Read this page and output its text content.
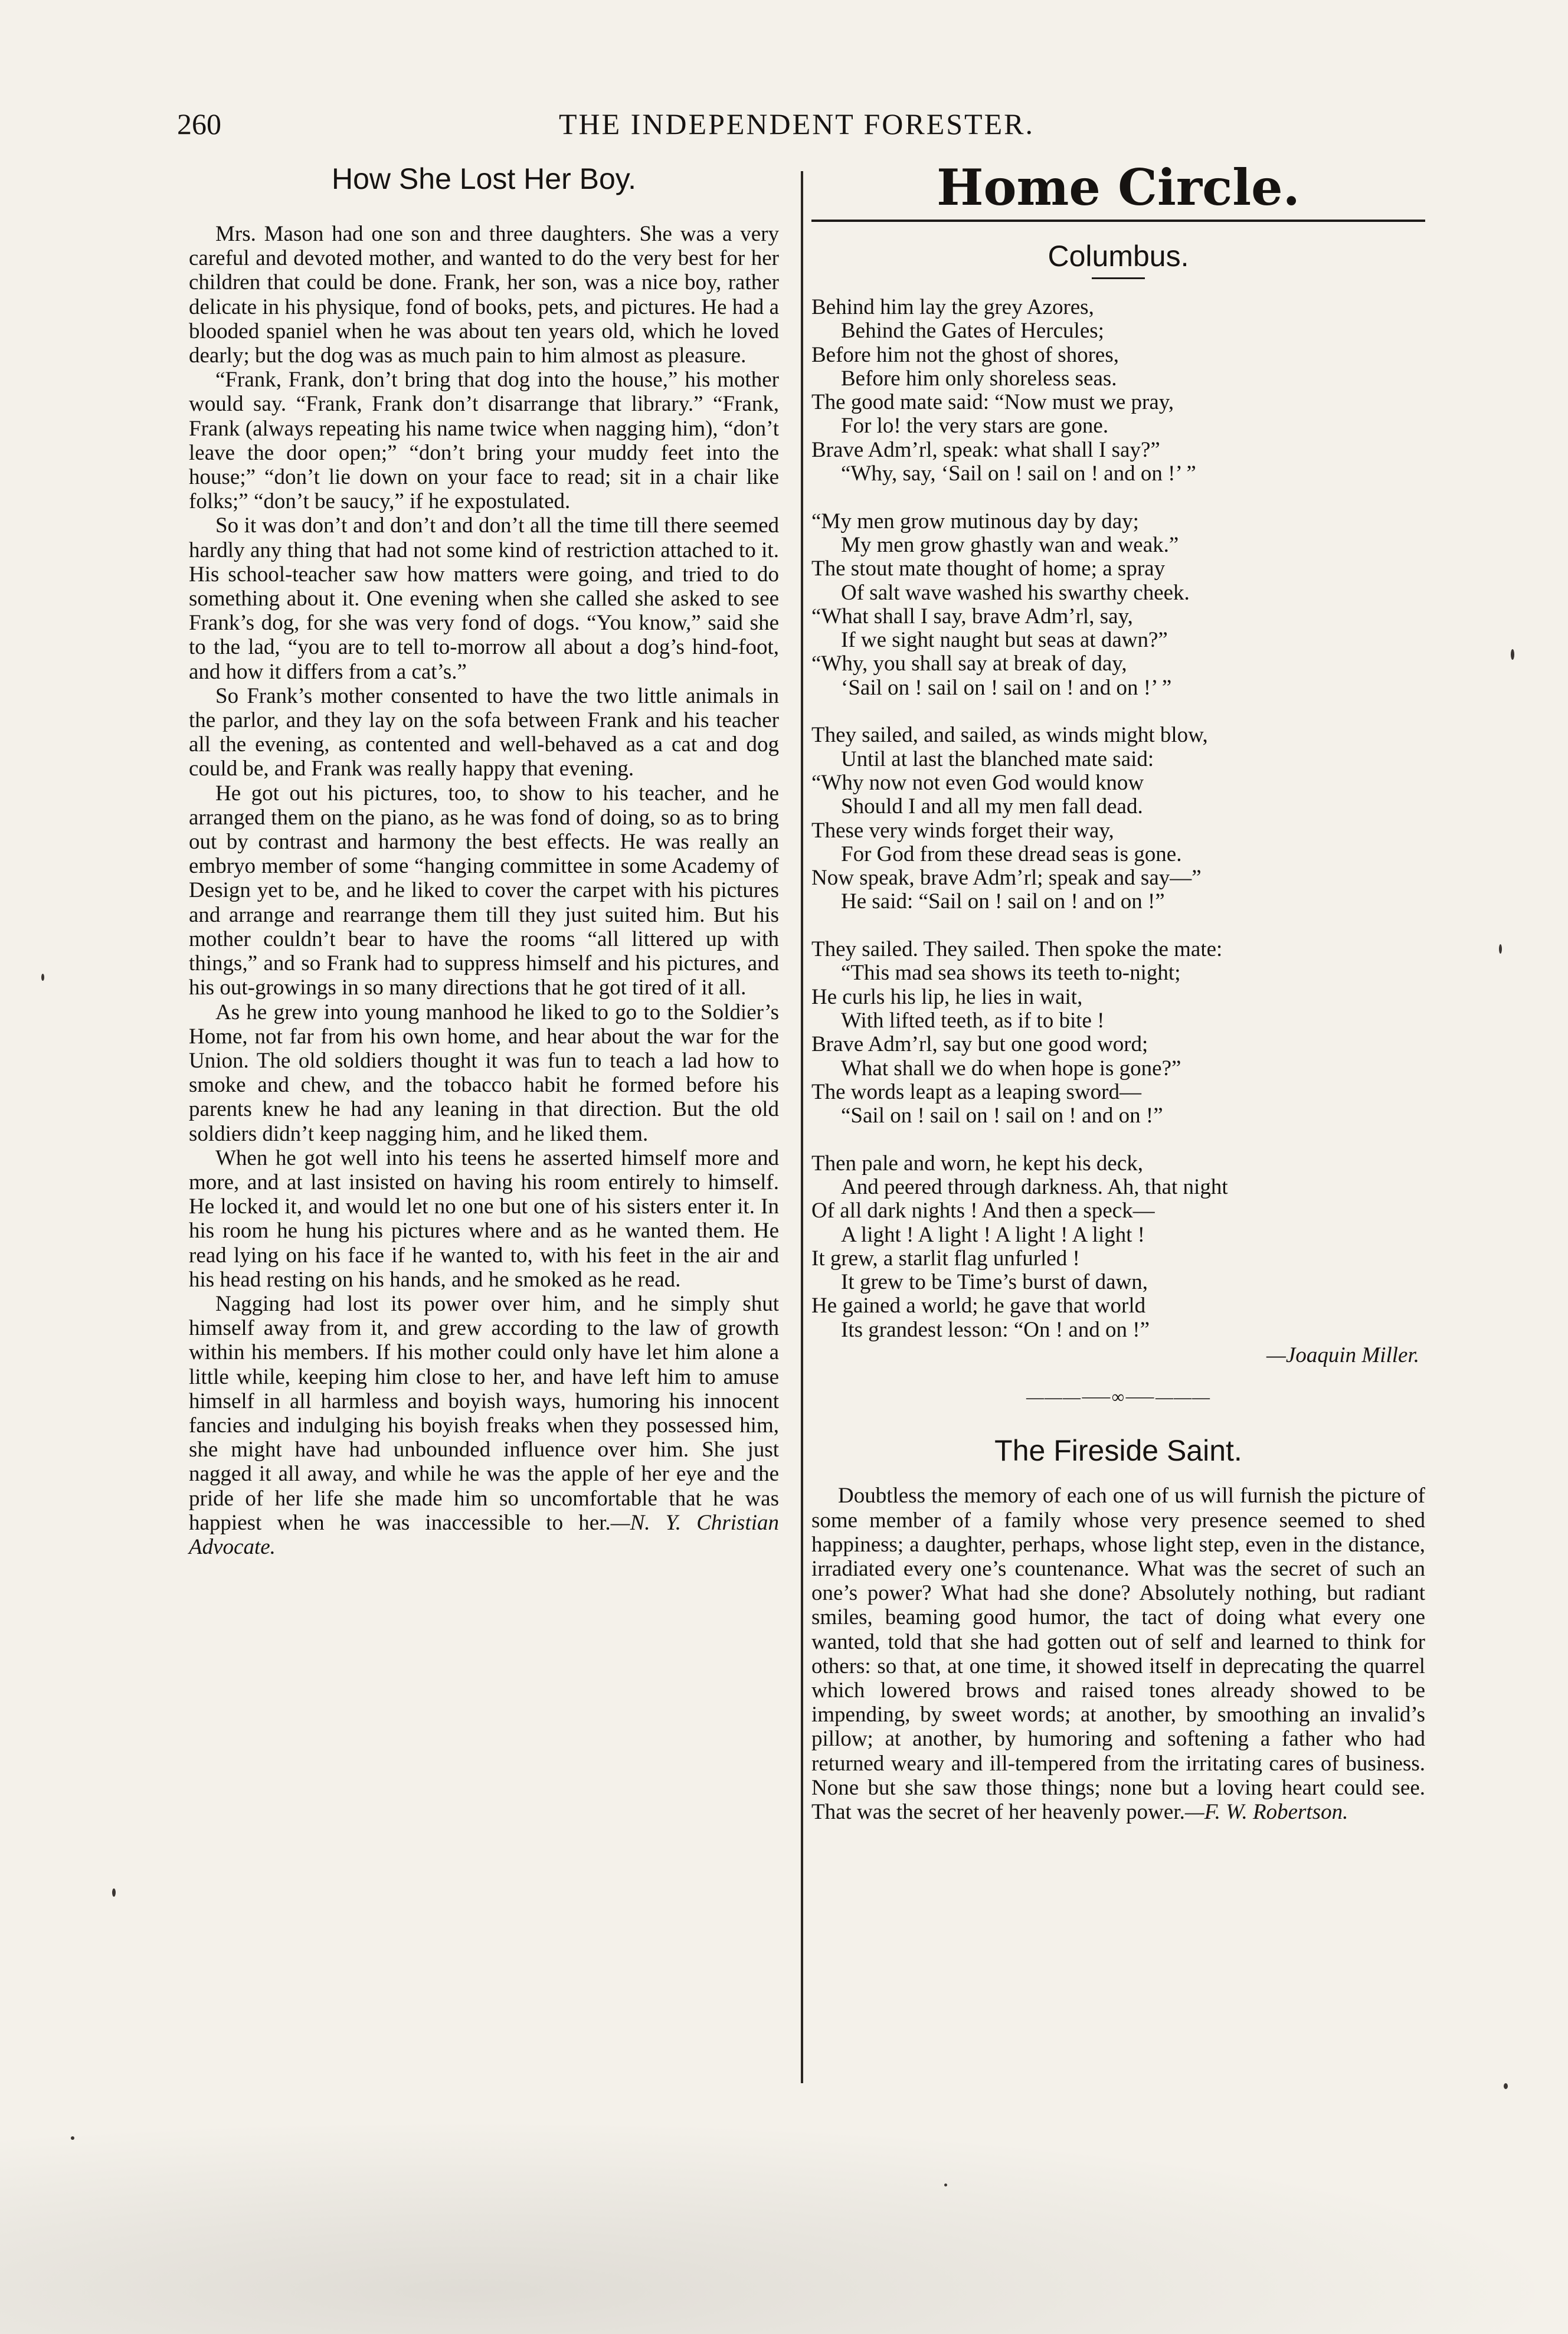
260	THE INDEPENDENT FORESTER.
How She Lost Her Boy.

Mrs. Mason had one son and three daughters. She was a very careful and devoted mother, and wanted to do the very best for her children that could be done. Frank, her son, was a nice boy, rather delicate in his physique, fond of books, pets, and pictures. He had a blooded spaniel when he was about ten years old, which he loved dearly; but the dog was as much pain to him almost as pleasure.

“Frank, Frank, don’t bring that dog into the house,” his mother would say. “Frank, Frank don’t disarrange that library.” “Frank, Frank (always repeating his name twice when nagging him), “don’t leave the door open;” “don’t bring your muddy feet into the house;” “don’t lie down on your face to read; sit in a chair like folks;” “don’t be saucy,” if he expostulated.

So it was don’t and don’t and don’t all the time till there seemed hardly any thing that had not some kind of restriction attached to it. His school-teacher saw how matters were going, and tried to do something about it. One evening when she called she asked to see Frank’s dog, for she was very fond of dogs. “You know,” said she to the lad, “you are to tell to-morrow all about a dog’s hind-foot, and how it differs from a cat’s.”

So Frank’s mother consented to have the two little animals in the parlor, and they lay on the sofa between Frank and his teacher all the evening, as contented and well-behaved as a cat and dog could be, and Frank was really happy that evening.

He got out his pictures, too, to show to his teacher, and he arranged them on the piano, as he was fond of doing, so as to bring out by contrast and harmony the best effects. He was really an embryo member of some “hanging committee in some Academy of Design yet to be, and he liked to cover the carpet with his pictures and arrange and rearrange them till they just suited him. But his mother couldn’t bear to have the rooms “all littered up with things,” and so Frank had to suppress himself and his pictures, and his out-growings in so many directions that he got tired of it all.

As he grew into young manhood he liked to go to the Soldier’s Home, not far from his own home, and hear about the war for the Union. The old soldiers thought it was fun to teach a lad how to smoke and chew, and the tobacco habit he formed before his parents knew he had any leaning in that direction. But the old soldiers didn’t keep nagging him, and he liked them.

When he got well into his teens he asserted himself more and more, and at last insisted on having his room entirely to himself. He locked it, and would let no one but one of his sisters enter it. In his room he hung his pictures where and as he wanted them. He read lying on his face if he wanted to, with his feet in the air and his head resting on his hands, and he smoked as he read.

Nagging had lost its power over him, and he simply shut himself away from it, and grew according to the law of growth within his members. If his mother could only have let him alone a little while, keeping him close to her, and have left him to amuse himself in all harmless and boyish ways, humoring his innocent fancies and indulging his boyish freaks when they possessed him, she might have had unbounded influence over him. She just nagged it all away, and while he was the apple of her eye and the pride of her life she made him so uncomfortable that he was happiest when he was inaccessible to her.—N. Y. Christian Advocate.

Home Circle.
Columbus.
Behind him lay the grey Azores,
Behind the Gates of Hercules;
Before him not the ghost of shores,
Before him only shoreless seas.
The good mate said: “Now must we pray,
For lo! the very stars are gone.
Brave Adm’rl, speak: what shall I say?”
“Why, say, ‘Sail on ! sail on ! and on !’ ”
“My men grow mutinous day by day;
My men grow ghastly wan and weak.”
The stout mate thought of home; a spray
Of salt wave washed his swarthy cheek.
“What shall I say, brave Adm’rl, say,
If we sight naught but seas at dawn?”
“Why, you shall say at break of day,
‘Sail on ! sail on ! sail on ! and on !’ ”
They sailed, and sailed, as winds might blow,
Until at last the blanched mate said:
“Why now not even God would know
Should I and all my men fall dead.
These very winds forget their way,
For God from these dread seas is gone.
Now speak, brave Adm’rl; speak and say—”
He said: “Sail on ! sail on ! and on !”
They sailed. They sailed. Then spoke the mate:
“This mad sea shows its teeth to-night;
He curls his lip, he lies in wait,
With lifted teeth, as if to bite !
Brave Adm’rl, say but one good word;
What shall we do when hope is gone?”
The words leapt as a leaping sword—
“Sail on ! sail on ! sail on ! and on !”
Then pale and worn, he kept his deck,
And peered through darkness. Ah, that night
Of all dark nights ! And then a speck—
A light ! A light ! A light ! A light !
It grew, a starlit flag unfurled !
It grew to be Time’s burst of dawn,
He gained a world; he gave that world
Its grandest lesson: “On ! and on !”
—Joaquin Miller.
———⸺∞⸺———
The Fireside Saint.

Doubtless the memory of each one of us will furnish the picture of some member of a family whose very presence seemed to shed happiness; a daughter, perhaps, whose light step, even in the distance, irradiated every one’s countenance. What was the secret of such an one’s power? What had she done? Absolutely nothing, but radiant smiles, beaming good humor, the tact of doing what every one wanted, told that she had gotten out of self and learned to think for others: so that, at one time, it showed itself in deprecating the quarrel which lowered brows and raised tones already showed to be impending, by sweet words; at another, by smoothing an invalid’s pillow; at another, by humoring and softening a father who had returned weary and ill-tempered from the irritating cares of business. None but she saw those things; none but a loving heart could see. That was the secret of her heavenly power.—F. W. Robertson.
